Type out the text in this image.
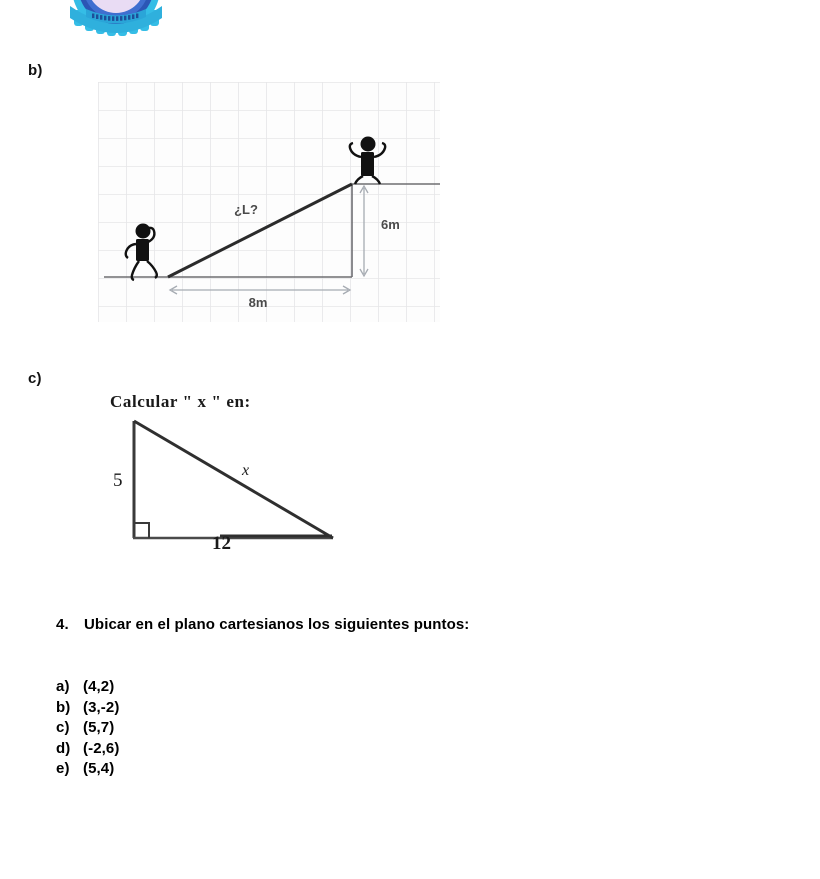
b)
¿L?
6m
8m
c)
Calcular " x " en:
5
12
x
4.	Ubicar en el plano cartesianos los siguientes puntos:
a) (4,2)
b) (3,-2)
c) (5,7)
d) (-2,6)
e) (5,4)
